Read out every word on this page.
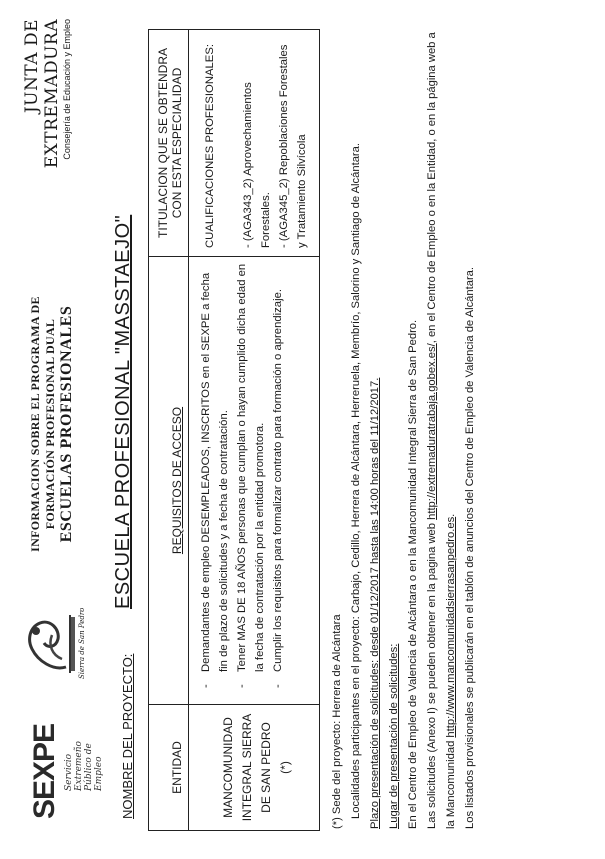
SEXPE Servicio Extremeño Público de Empleo
Sierra de San Pedro
INFORMACION SOBRE EL PROGRAMA DE FORMACIÓN PROFESIONAL DUAL ESCUELAS PROFESIONALES
JUNTA DE EXTREMADURA Consejería de Educación y Empleo
NOMBRE DEL PROYECTO:
ESCUELA PROFESIONAL "MASSTAEJO"
ENTIDAD	MANCOMUNIDAD INTEGRAL SIERRA DE SAN PEDRO (*)
REQUISITOS DE ACCESO - Demandantes de empleo DESEMPLEADOS, INSCRITOS en el SEXPE a fecha fin de plazo de solicitudes y a fecha de contratación. - Tener MAS DE 18 AÑOS personas que cumplan o hayan cumplido dicha edad en la fecha de contratación por la entidad promotora. - Cumplir los requisitos para formalizar contrato para formación o aprendizaje.
TITULACION QUE SE OBTENDRA CON ESTA ESPECIALIDAD CUALIFICACIONES PROFESIONALES: - (AGA343_2) Aprovechamientos Forestales. - (AGA345_2) Repoblaciones Forestales y Tratamiento Silvícola

(*) Sede del proyecto: Herrera de Alcántara Localidades participantes en el proyecto: Carbajo, Cedillo, Herrera de Alcántara, Herreruela, Membrío, Salorino y Santiago de Alcántara. Plazo presentación de solicitudes: desde 01/12/2017 hasta las 14:00 horas del 11/12/2017. Lugar de presentación de solicitudes: En el Centro de Empleo de Valencia de Alcántara o en la Mancomunidad Integral Sierra de San Pedro. Las solicitudes (Anexo I) se pueden obtener en la pagina web http://extremaduratrabaja.gobex.es/, en el Centro de Empleo o en la Entidad, o en la página web a la Mancomunidad http://www.mancomunidadsierrasanpedro.es. Los listados provisionales se publicarán en el tablón de anuncios del Centro de Empleo de Valencia de Alcántara.
